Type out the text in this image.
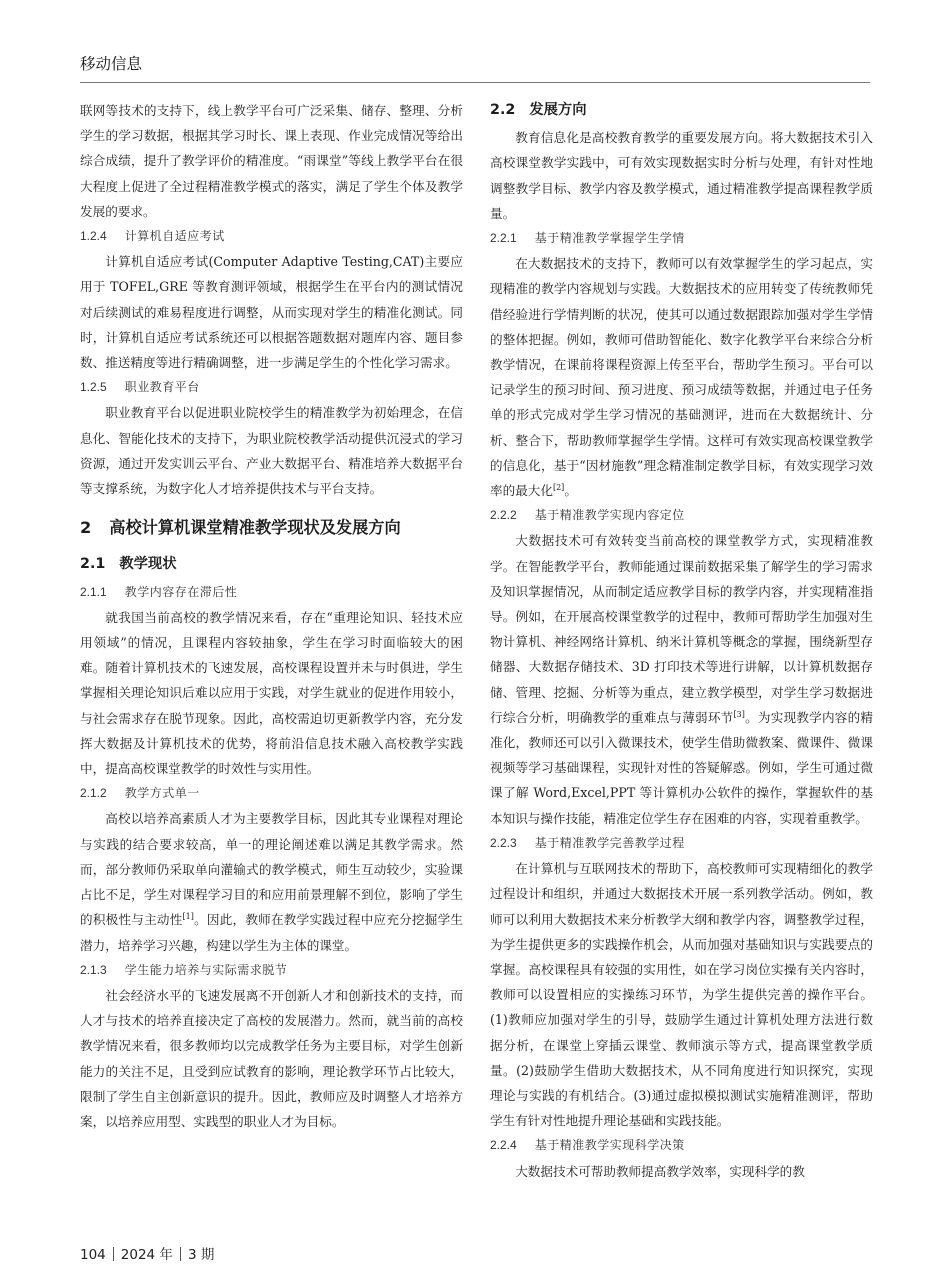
移动信息

联网等技术的支持下，线上教学平台可广泛采集、储存、整理、分析学生的学习数据，根据其学习时长、课上表现、作业完成情况等给出综合成绩，提升了教学评价的精准度。“雨课堂”等线上教学平台在很大程度上促进了全过程精准教学模式的落实，满足了学生个体及教学发展的要求。

1.2.4 计算机自适应考试

计算机自适应考试(Computer Adaptive Testing,CAT)主要应用于 TOFEL,GRE 等教育测评领域，根据学生在平台内的测试情况对后续测试的难易程度进行调整，从而实现对学生的精准化测试。同时，计算机自适应考试系统还可以根据答题数据对题库内容、题目参数、推送精度等进行精确调整，进一步满足学生的个性化学习需求。

1.2.5 职业教育平台

职业教育平台以促进职业院校学生的精准教学为初始理念，在信息化、智能化技术的支持下，为职业院校教学活动提供沉浸式的学习资源，通过开发实训云平台、产业大数据平台、精准培养大数据平台等支撑系统，为数字化人才培养提供技术与平台支持。

2 高校计算机课堂精准教学现状及发展方向
2.1 教学现状
2.1.1 教学内容存在滞后性

就我国当前高校的教学情况来看，存在“重理论知识、轻技术应用领域”的情况，且课程内容较抽象，学生在学习时面临较大的困难。随着计算机技术的飞速发展，高校课程设置并未与时俱进，学生掌握相关理论知识后难以应用于实践，对学生就业的促进作用较小，与社会需求存在脱节现象。因此，高校需迫切更新教学内容，充分发挥大数据及计算机技术的优势，将前沿信息技术融入高校教学实践中，提高高校课堂教学的时效性与实用性。

2.1.2 教学方式单一

高校以培养高素质人才为主要教学目标，因此其专业课程对理论与实践的结合要求较高，单一的理论阐述难以满足其教学需求。然而，部分教师仍采取单向灌输式的教学模式，师生互动较少，实验课占比不足，学生对课程学习目的和应用前景理解不到位，影响了学生的积极性与主动性[1]。因此，教师在教学实践过程中应充分挖掘学生潜力，培养学习兴趣，构建以学生为主体的课堂。

2.1.3 学生能力培养与实际需求脱节

社会经济水平的飞速发展离不开创新人才和创新技术的支持，而人才与技术的培养直接决定了高校的发展潜力。然而，就当前的高校教学情况来看，很多教师均以完成教学任务为主要目标，对学生创新能力的关注不足，且受到应试教育的影响，理论教学环节占比较大，限制了学生自主创新意识的提升。因此，教师应及时调整人才培养方案，以培养应用型、实践型的职业人才为目标。

2.2 发展方向

教育信息化是高校教育教学的重要发展方向。将大数据技术引入高校课堂教学实践中，可有效实现数据实时分析与处理，有针对性地调整教学目标、教学内容及教学模式，通过精准教学提高课程教学质量。

2.2.1 基于精准教学掌握学生学情

在大数据技术的支持下，教师可以有效掌握学生的学习起点，实现精准的教学内容规划与实践。大数据技术的应用转变了传统教师凭借经验进行学情判断的状况，使其可以通过数据跟踪加强对学生学情的整体把握。例如，教师可借助智能化、数字化教学平台来综合分析教学情况，在课前将课程资源上传至平台，帮助学生预习。平台可以记录学生的预习时间、预习进度、预习成绩等数据，并通过电子任务单的形式完成对学生学习情况的基础测评，进而在大数据统计、分析、整合下，帮助教师掌握学生学情。这样可有效实现高校课堂教学的信息化，基于“因材施教”理念精准制定教学目标，有效实现学习效率的最大化[2]。

2.2.2 基于精准教学实现内容定位

大数据技术可有效转变当前高校的课堂教学方式，实现精准教学。在智能教学平台，教师能通过课前数据采集了解学生的学习需求及知识掌握情况，从而制定适应教学目标的教学内容，并实现精准指导。例如，在开展高校课堂教学的过程中，教师可帮助学生加强对生物计算机、神经网络计算机、纳米计算机等概念的掌握，围绕新型存储器、大数据存储技术、3D 打印技术等进行讲解，以计算机数据存储、管理、挖掘、分析等为重点，建立教学模型，对学生学习数据进行综合分析，明确教学的重难点与薄弱环节[3]。为实现教学内容的精准化，教师还可以引入微课技术，使学生借助微教案、微课件、微课视频等学习基础课程，实现针对性的答疑解惑。例如，学生可通过微课了解 Word,Excel,PPT 等计算机办公软件的操作，掌握软件的基本知识与操作技能，精准定位学生存在困难的内容，实现着重教学。

2.2.3 基于精准教学完善教学过程

在计算机与互联网技术的帮助下，高校教师可实现精细化的教学过程设计和组织，并通过大数据技术开展一系列教学活动。例如，教师可以利用大数据技术来分析教学大纲和教学内容，调整教学过程，为学生提供更多的实践操作机会，从而加强对基础知识与实践要点的掌握。高校课程具有较强的实用性，如在学习岗位实操有关内容时，教师可以设置相应的实操练习环节，为学生提供完善的操作平台。(1)教师应加强对学生的引导，鼓励学生通过计算机处理方法进行数据分析，在课堂上穿插云课堂、教师演示等方式，提高课堂教学质量。(2)鼓励学生借助大数据技术，从不同角度进行知识探究，实现理论与实践的有机结合。(3)通过虚拟模拟测试实施精准测评，帮助学生有针对性地提升理论基础和实践技能。

2.2.4 基于精准教学实现科学决策

大数据技术可帮助教师提高教学效率，实现科学的教

104 2024 年 3 期
